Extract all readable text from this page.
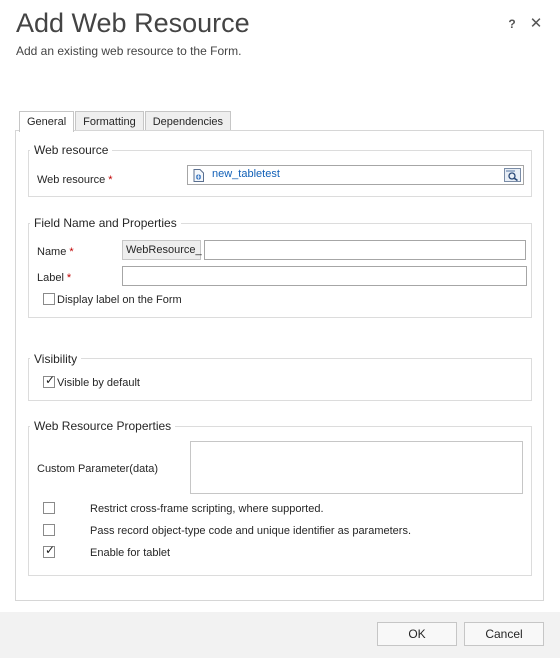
Add Web Resource
Add an existing web resource to the Form.
? ✕
General	Formatting	Dependencies
Web resource
Web resource *	new_tabletest
Field Name and Properties
Name *	WebResource_
Label *
Display label on the Form
Visibility
✓ Visible by default
Web Resource Properties
Custom Parameter(data)
Restrict cross-frame scripting, where supported.
Pass record object-type code and unique identifier as parameters.
✓	Enable for tablet
OK	Cancel
